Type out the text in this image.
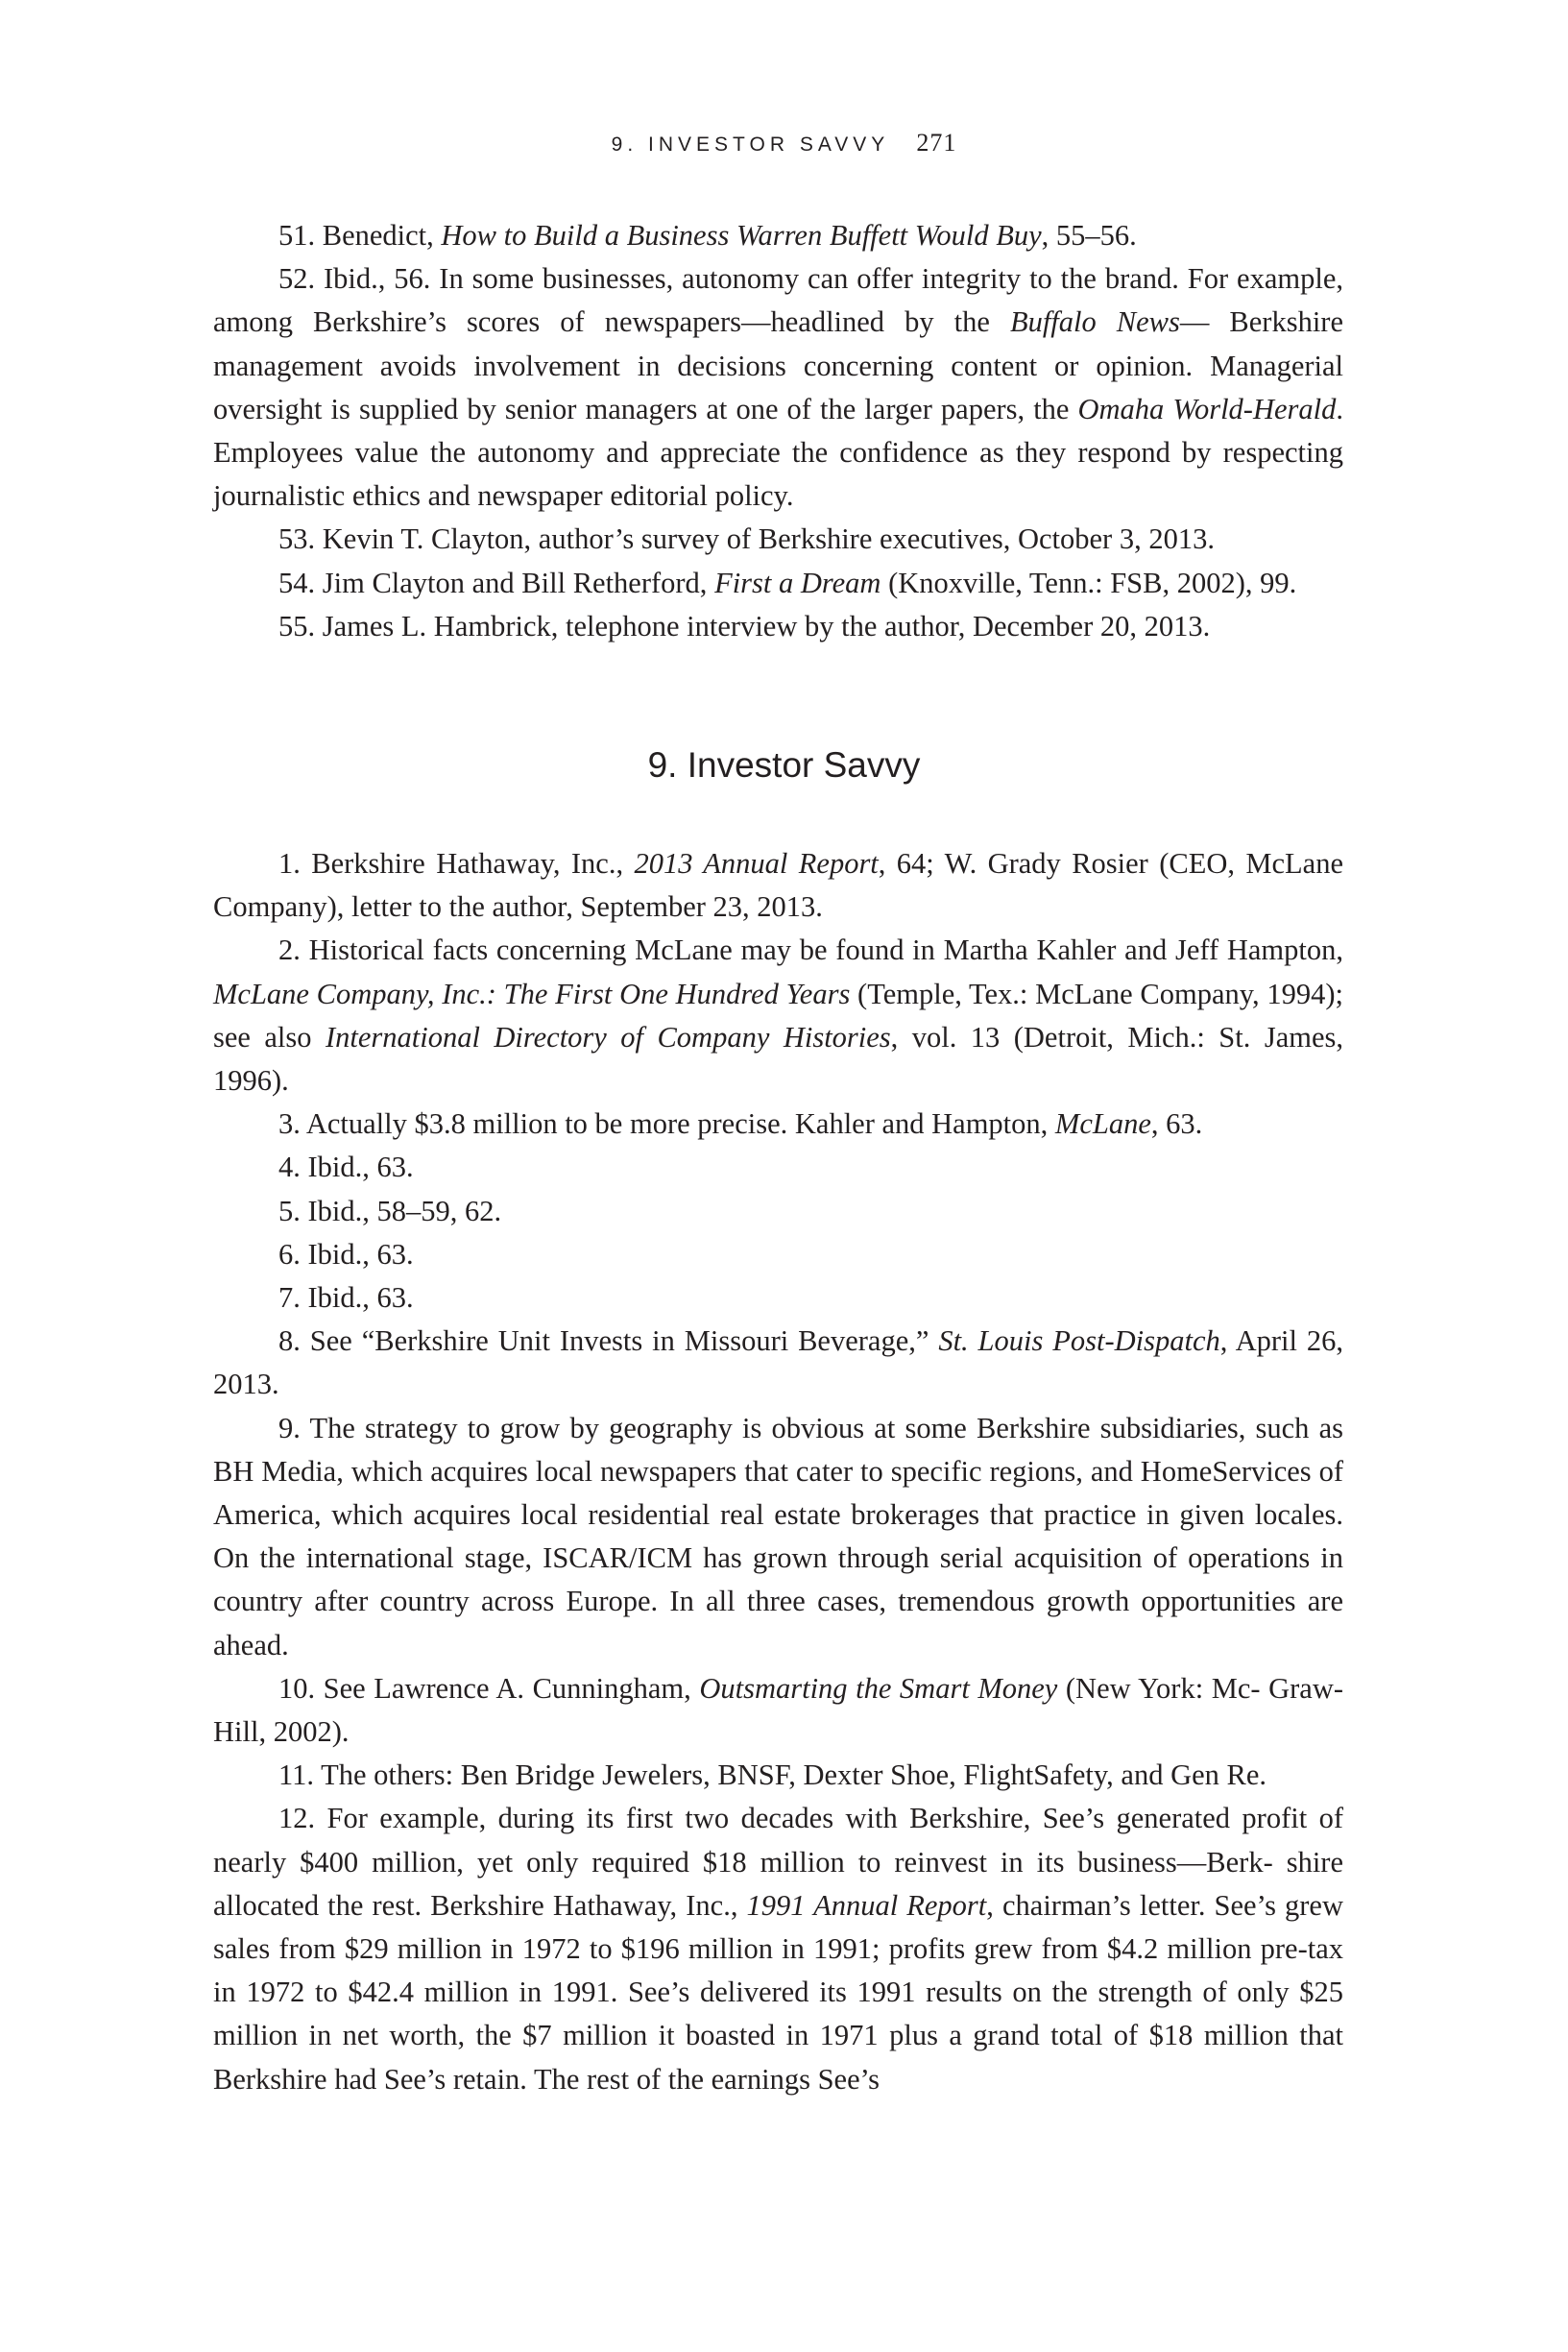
9. INVESTOR SAVVY 271

51. Benedict, How to Build a Business Warren Buffett Would Buy, 55–56.

52. Ibid., 56. In some businesses, autonomy can offer integrity to the brand. For example, among Berkshire’s scores of newspapers—headlined by the Buffalo News— Berkshire management avoids involvement in decisions concerning content or opinion. Managerial oversight is supplied by senior managers at one of the larger papers, the Omaha World-Herald. Employees value the autonomy and appreciate the confidence as they respond by respecting journalistic ethics and newspaper editorial policy.

53. Kevin T. Clayton, author’s survey of Berkshire executives, October 3, 2013.

54. Jim Clayton and Bill Retherford, First a Dream (Knoxville, Tenn.: FSB, 2002), 99.

55. James L. Hambrick, telephone interview by the author, December 20, 2013.

9. Investor Savvy

1. Berkshire Hathaway, Inc., 2013 Annual Report, 64; W. Grady Rosier (CEO, McLane Company), letter to the author, September 23, 2013.

2. Historical facts concerning McLane may be found in Martha Kahler and Jeff Hampton, McLane Company, Inc.: The First One Hundred Years (Temple, Tex.: McLane Company, 1994); see also International Directory of Company Histories, vol. 13 (Detroit, Mich.: St. James, 1996).

3. Actually $3.8 million to be more precise. Kahler and Hampton, McLane, 63.

4. Ibid., 63.

5. Ibid., 58–59, 62.

6. Ibid., 63.

7. Ibid., 63.

8. See “Berkshire Unit Invests in Missouri Beverage,” St. Louis Post-Dispatch, April 26, 2013.

9. The strategy to grow by geography is obvious at some Berkshire subsidiaries, such as BH Media, which acquires local newspapers that cater to specific regions, and HomeServices of America, which acquires local residential real estate brokerages that practice in given locales. On the international stage, ISCAR/ICM has grown through serial acquisition of operations in country after country across Europe. In all three cases, tremendous growth opportunities are ahead.

10. See Lawrence A. Cunningham, Outsmarting the Smart Money (New York: Mc- Graw-Hill, 2002).

11. The others: Ben Bridge Jewelers, BNSF, Dexter Shoe, FlightSafety, and Gen Re.

12. For example, during its first two decades with Berkshire, See’s generated profit of nearly $400 million, yet only required $18 million to reinvest in its business—Berk- shire allocated the rest. Berkshire Hathaway, Inc., 1991 Annual Report, chairman’s letter. See’s grew sales from $29 million in 1972 to $196 million in 1991; profits grew from $4.2 million pre-tax in 1972 to $42.4 million in 1991. See’s delivered its 1991 results on the strength of only $25 million in net worth, the $7 million it boasted in 1971 plus a grand total of $18 million that Berkshire had See’s retain. The rest of the earnings See’s
